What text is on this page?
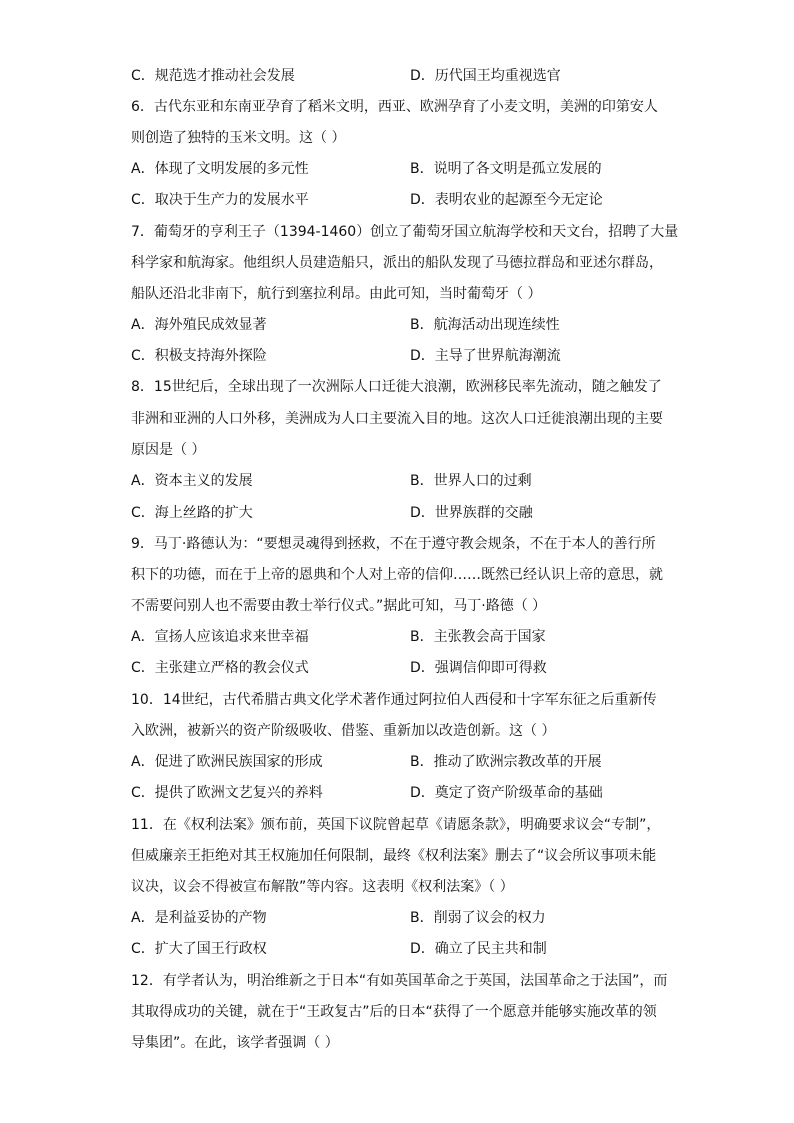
C．规范选才推动社会发展	D．历代国王均重视选官
6．古代东亚和东南亚孕育了稻米文明，西亚、欧洲孕育了小麦文明，美洲的印第安人
则创造了独特的玉米文明。这（ ）
A．体现了文明发展的多元性	B．说明了各文明是孤立发展的
C．取决于生产力的发展水平	D．表明农业的起源至今无定论
7．葡萄牙的亨利王子（1394-1460）创立了葡萄牙国立航海学校和天文台，招聘了大量
科学家和航海家。他组织人员建造船只，派出的船队发现了马德拉群岛和亚述尔群岛，
船队还沿北非南下，航行到塞拉利昂。由此可知，当时葡萄牙（ ）
A．海外殖民成效显著	B．航海活动出现连续性
C．积极支持海外探险	D．主导了世界航海潮流
8．15世纪后，全球出现了一次洲际人口迁徙大浪潮，欧洲移民率先流动，随之触发了
非洲和亚洲的人口外移，美洲成为人口主要流入目的地。这次人口迁徙浪潮出现的主要
原因是（ ）
A．资本主义的发展	B．世界人口的过剩
C．海上丝路的扩大	D．世界族群的交融
9．马丁·路德认为：“要想灵魂得到拯救，不在于遵守教会规条，不在于本人的善行所
积下的功德，而在于上帝的恩典和个人对上帝的信仰……既然已经认识上帝的意思，就
不需要问别人也不需要由教士举行仪式。”据此可知，马丁·路德（ ）
A．宣扬人应该追求来世幸福	B．主张教会高于国家
C．主张建立严格的教会仪式	D．强调信仰即可得救
10．14世纪，古代希腊古典文化学术著作通过阿拉伯人西侵和十字军东征之后重新传
入欧洲，被新兴的资产阶级吸收、借鉴、重新加以改造创新。这（ ）
A．促进了欧洲民族国家的形成	B．推动了欧洲宗教改革的开展
C．提供了欧洲文艺复兴的养料	D．奠定了资产阶级革命的基础
11．在《权利法案》颁布前，英国下议院曾起草《请愿条款》，明确要求议会“专制”，
但威廉亲王拒绝对其王权施加任何限制，最终《权利法案》删去了“议会所议事项未能
议决，议会不得被宣布解散”等内容。这表明《权利法案》（ ）
A．是利益妥协的产物	B．削弱了议会的权力
C．扩大了国王行政权	D．确立了民主共和制
12．有学者认为，明治维新之于日本“有如英国革命之于英国，法国革命之于法国”，而
其取得成功的关键，就在于“王政复古”后的日本“获得了一个愿意并能够实施改革的领
导集团”。在此，该学者强调（ ）
